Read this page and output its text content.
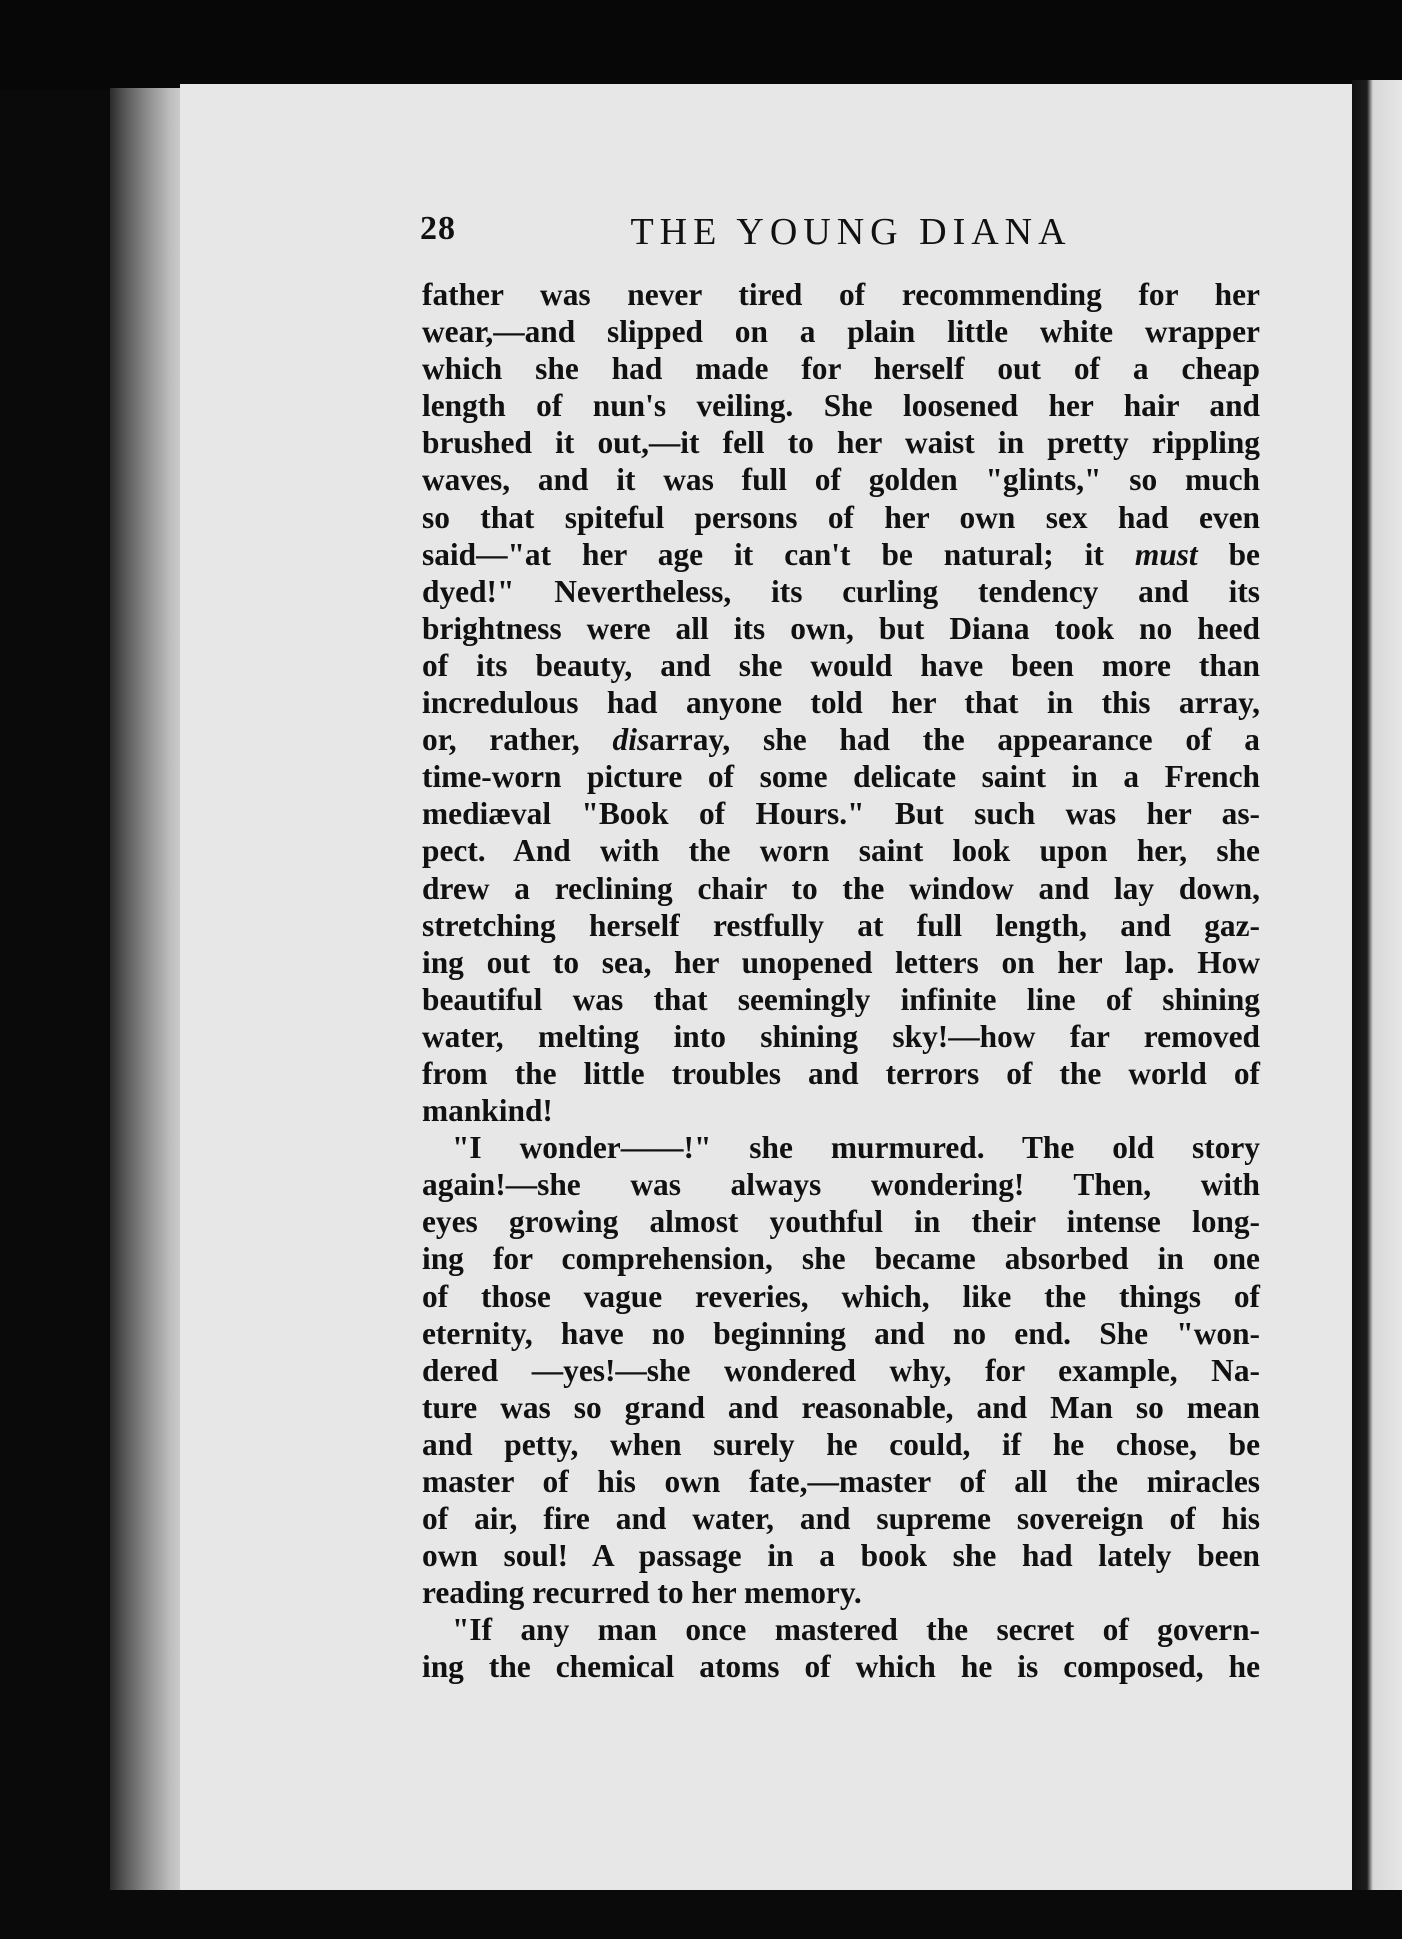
28	THE YOUNG DIANA
father was never tired of recommending for her
wear,—and slipped on a plain little white wrapper
which she had made for herself out of a cheap
length of nun's veiling. She loosened her hair and
brushed it out,—it fell to her waist in pretty rippling
waves, and it was full of golden "glints," so much
so that spiteful persons of her own sex had even
said—"at her age it can't be natural; it must be
dyed!" Nevertheless, its curling tendency and its
brightness were all its own, but Diana took no heed
of its beauty, and she would have been more than
incredulous had anyone told her that in this array,
or, rather, disarray, she had the appearance of a
time-worn picture of some delicate saint in a French
mediæval "Book of Hours." But such was her as-
pect. And with the worn saint look upon her, she
drew a reclining chair to the window and lay down,
stretching herself restfully at full length, and gaz-
ing out to sea, her unopened letters on her lap. How
beautiful was that seemingly infinite line of shining
water, melting into shining sky!—how far removed
from the little troubles and terrors of the world of
mankind!
"I wonder——!" she murmured. The old story
again!—she was always wondering! Then, with
eyes growing almost youthful in their intense long-
ing for comprehension, she became absorbed in one
of those vague reveries, which, like the things of
eternity, have no beginning and no end. She "won-
dered —yes!—she wondered why, for example, Na-
ture was so grand and reasonable, and Man so mean
and petty, when surely he could, if he chose, be
master of his own fate,—master of all the miracles
of air, fire and water, and supreme sovereign of his
own soul! A passage in a book she had lately been
reading recurred to her memory.
"If any man once mastered the secret of govern-
ing the chemical atoms of which he is composed, he
